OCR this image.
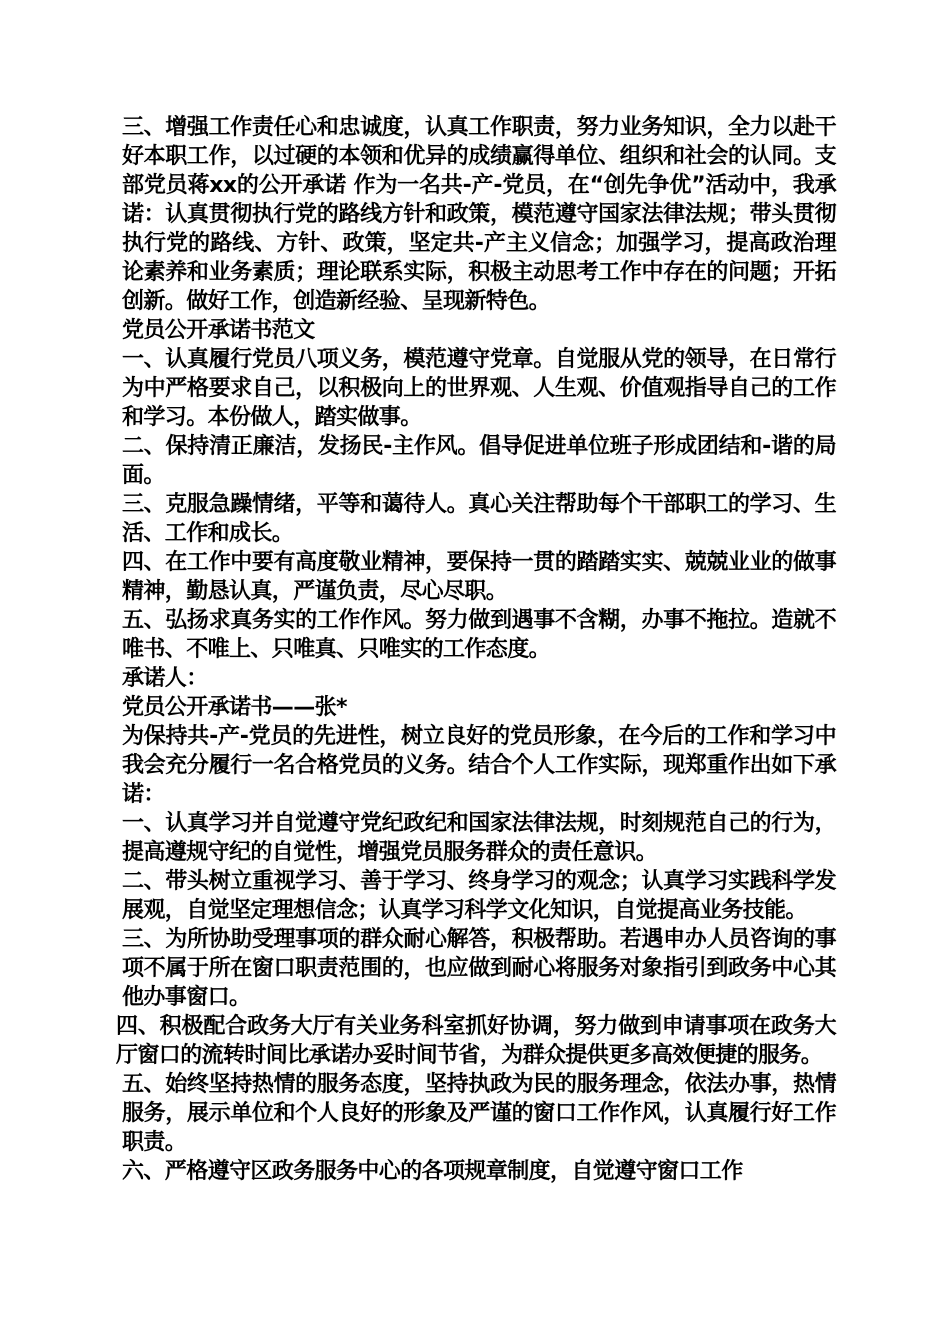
三、增强工作责任心和忠诚度，认真工作职责，努力业务知识，全力以赴干好本职工作，以过硬的本领和优异的成绩赢得单位、组织和社会的认同。支部党员蒋xx的公开承诺 作为一名共-产-党员，在“创先争优”活动中，我承诺：认真贯彻执行党的路线方针和政策，模范遵守国家法律法规；带头贯彻执行党的路线、方针、政策，坚定共-产主义信念；加强学习，提高政治理论素养和业务素质；理论联系实际，积极主动思考工作中存在的问题；开拓创新。做好工作，创造新经验、呈现新特色。

党员公开承诺书范文

一、认真履行党员八项义务，模范遵守党章。自觉服从党的领导，在日常行为中严格要求自己，以积极向上的世界观、人生观、价值观指导自己的工作和学习。本份做人，踏实做事。

二、保持清正廉洁，发扬民-主作风。倡导促进单位班子形成团结和-谐的局面。

三、克服急躁情绪，平等和蔼待人。真心关注帮助每个干部职工的学习、生活、工作和成长。

四、在工作中要有高度敬业精神，要保持一贯的踏踏实实、兢兢业业的做事精神，勤恳认真，严谨负责，尽心尽职。

五、弘扬求真务实的工作作风。努力做到遇事不含糊，办事不拖拉。造就不唯书、不唯上、只唯真、只唯实的工作态度。

承诺人：

党员公开承诺书——张*

为保持共-产-党员的先进性，树立良好的党员形象，在今后的工作和学习中我会充分履行一名合格党员的义务。结合个人工作实际，现郑重作出如下承诺：

一、认真学习并自觉遵守党纪政纪和国家法律法规，时刻规范自己的行为，提高遵规守纪的自觉性，增强党员服务群众的责任意识。

二、带头树立重视学习、善于学习、终身学习的观念；认真学习实践科学发展观，自觉坚定理想信念；认真学习科学文化知识，自觉提高业务技能。

三、为所协助受理事项的群众耐心解答，积极帮助。若遇申办人员咨询的事项不属于所在窗口职责范围的，也应做到耐心将服务对象指引到政务中心其他办事窗口。

四、积极配合政务大厅有关业务科室抓好协调，努力做到申请事项在政务大厅窗口的流转时间比承诺办妥时间节省，为群众提供更多高效便捷的服务。

五、始终坚持热情的服务态度，坚持执政为民的服务理念，依法办事，热情服务，展示单位和个人良好的形象及严谨的窗口工作作风，认真履行好工作职责。

六、严格遵守区政务服务中心的各项规章制度，自觉遵守窗口工作
